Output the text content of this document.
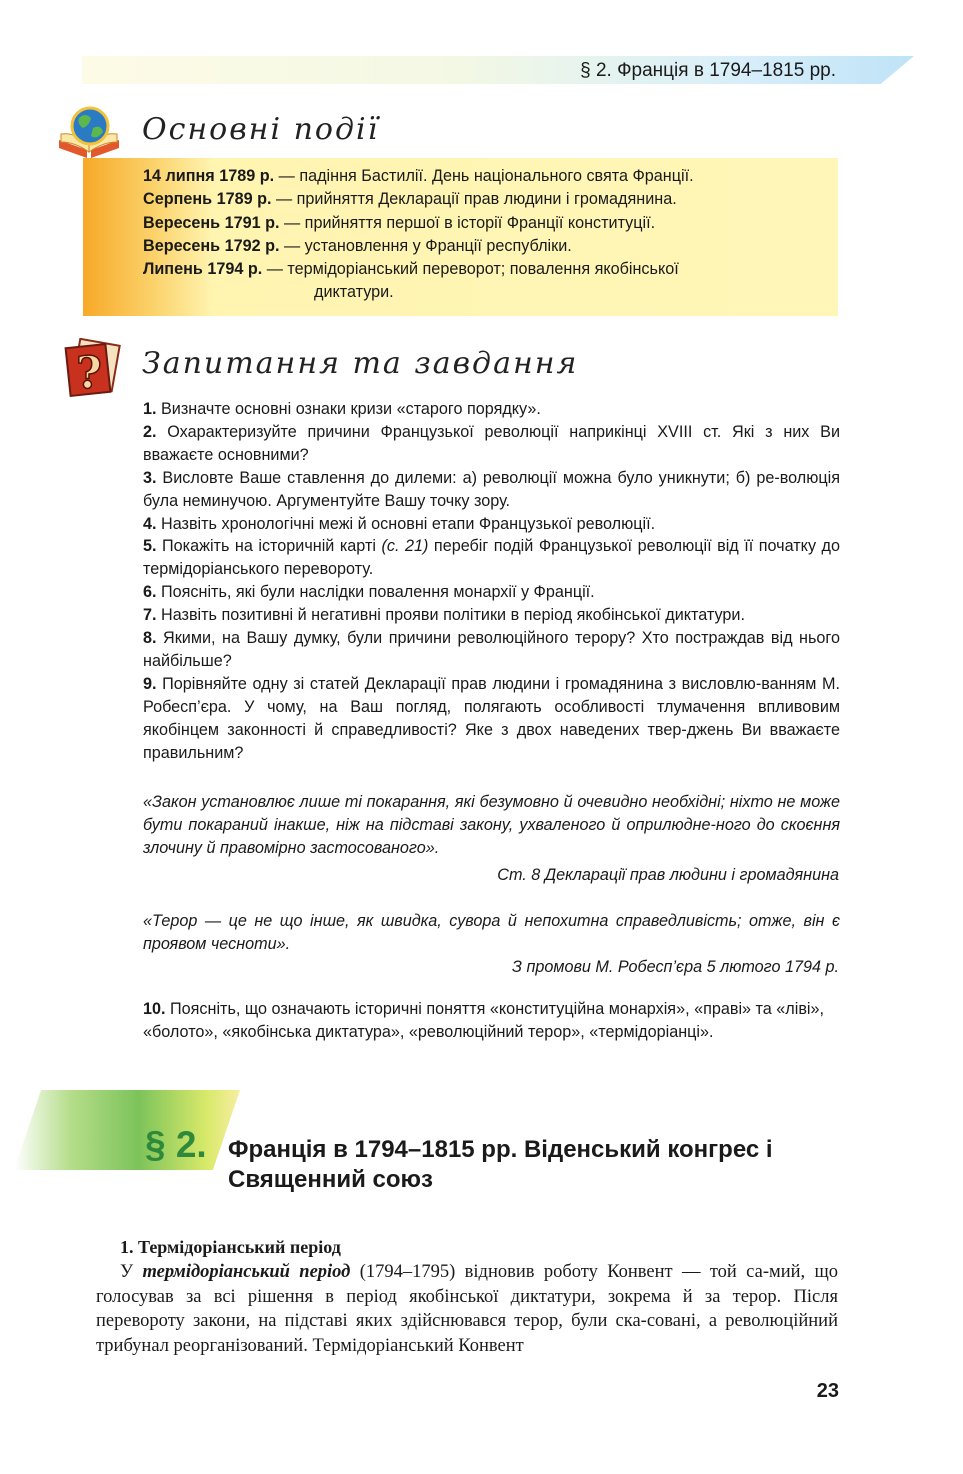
§ 2. Франція в 1794–1815 рр.
Основні події
14 липня 1789 р. — падіння Бастилії. День національного свята Франції.
Серпень 1789 р. — прийняття Декларації прав людини і громадянина.
Вересень 1791 р. — прийняття першої в історії Франції конституції.
Вересень 1792 р. — установлення у Франції республіки.
Липень 1794 р. — термідоріанський переворот; повалення якобінської
диктатури.
? Запитання та завдання

1. Визначте основні ознаки кризи «старого порядку».

2. Охарактеризуйте причини Французької революції наприкінці XVIII ст. Які з них Ви вважаєте основними?

3. Висловте Ваше ставлення до дилеми: а) революції можна було уникнути; б) ре-волюція була неминучою. Аргументуйте Вашу точку зору.

4. Назвіть хронологічні межі й основні етапи Французької революції.

5. Покажіть на історичній карті (с. 21) перебіг подій Французької революції від її початку до термідоріанського перевороту.

6. Поясніть, які були наслідки повалення монархії у Франції.

7. Назвіть позитивні й негативні прояви політики в період якобінської диктатури.

8. Якими, на Вашу думку, були причини революційного терору? Хто постраждав від нього найбільше?

9. Порівняйте одну зі статей Декларації прав людини і громадянина з висловлю-ванням М. Робесп’єра. У чому, на Ваш погляд, полягають особливості тлумачення впливовим якобінцем законності й справедливості? Яке з двох наведених твер-джень Ви вважаєте правильним?

«Закон установлює лише ті покарання, які безумовно й очевидно необхідні; ніхто не може бути покараний інакше, ніж на підставі закону, ухваленого й оприлюдне-ного до скоєння злочину й правомірно застосованого».
Ст. 8 Декларації прав людини і громадянина
«Терор — це не що інше, як швидка, сувора й непохитна справедливість; отже, він є проявом чесноти».
З промови М. Робесп’єра 5 лютого 1794 р.
10. Поясніть, що означають історичні поняття «конституційна монархія», «праві» та «ліві», «болото», «якобінська диктатура», «революційний терор», «термідоріанці».
§ 2. Франція в 1794–1815 рр. Віденський конгрес і Священний союз
1. Термідоріанський період
У термідоріанський період (1794–1795) відновив роботу Конвент — той са-мий, що голосував за всі рішення в період якобінської диктатури, зокрема й за терор. Після перевороту закони, на підставі яких здійснювався терор, були ска-совані, а революційний трибунал реорганізований. Термідоріанський Конвент
23
